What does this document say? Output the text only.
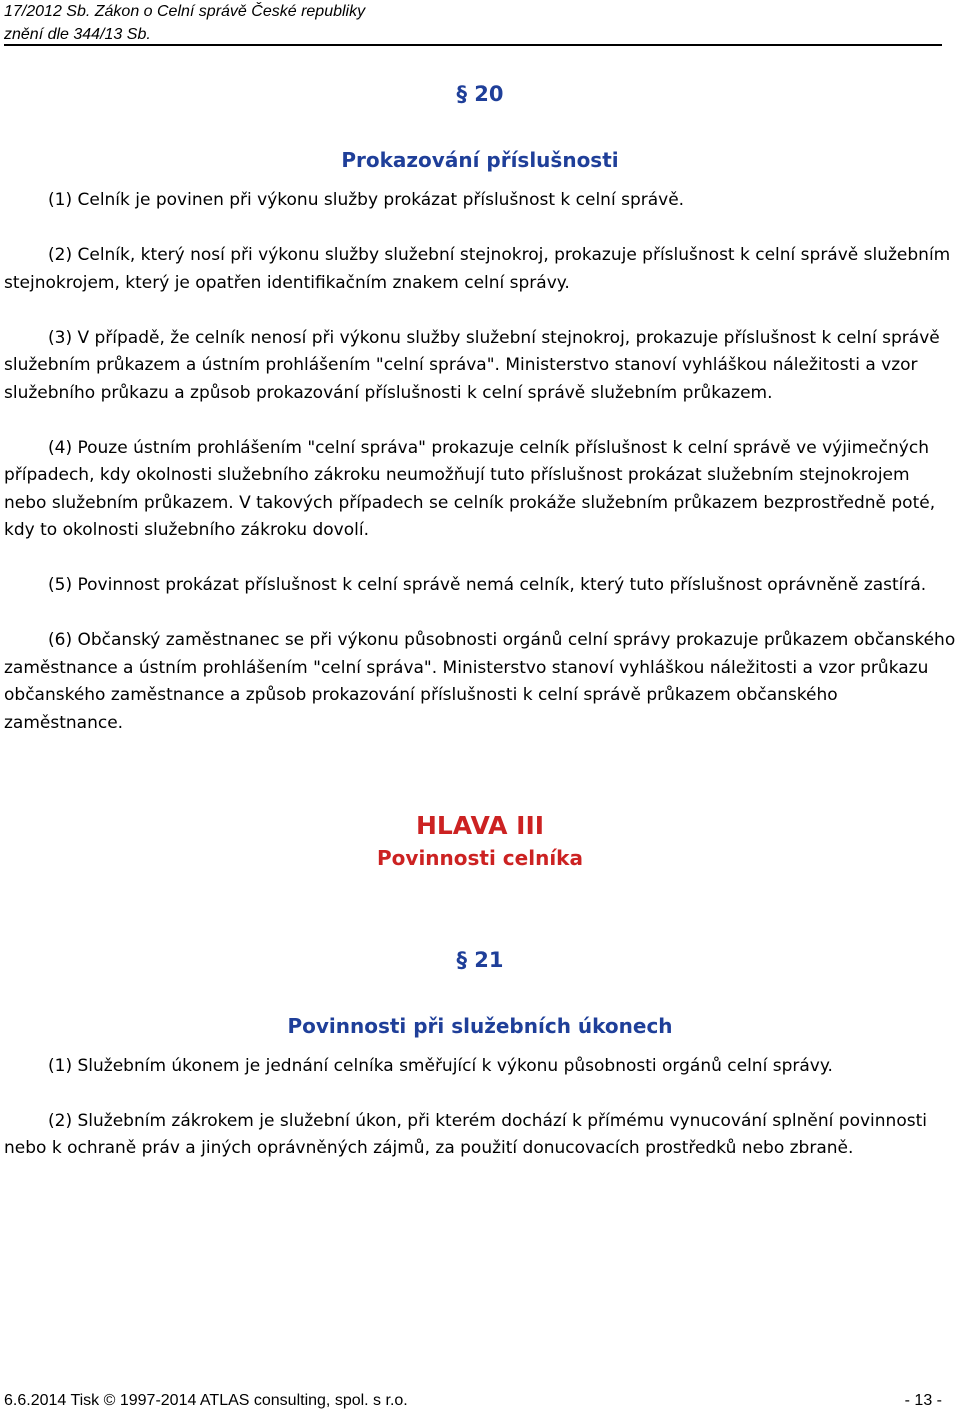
17/2012 Sb. Zákon o Celní správě České republiky
znění dle 344/13 Sb.
§ 20
Prokazování příslušnosti

(1) Celník je povinen při výkonu služby prokázat příslušnost k celní správě.

(2) Celník, který nosí při výkonu služby služební stejnokroj, prokazuje příslušnost k celní správě služebním stejnokrojem, který je opatřen identifikačním znakem celní správy.

(3) V případě, že celník nenosí při výkonu služby služební stejnokroj, prokazuje příslušnost k celní správě služebním průkazem a ústním prohlášením "celní správa". Ministerstvo stanoví vyhláškou náležitosti a vzor služebního průkazu a způsob prokazování příslušnosti k celní správě služebním průkazem.

(4) Pouze ústním prohlášením "celní správa" prokazuje celník příslušnost k celní správě ve výjimečných případech, kdy okolnosti služebního zákroku neumožňují tuto příslušnost prokázat služebním stejnokrojem nebo služebním průkazem. V takových případech se celník prokáže služebním průkazem bezprostředně poté, kdy to okolnosti služebního zákroku dovolí.

(5) Povinnost prokázat příslušnost k celní správě nemá celník, který tuto příslušnost oprávněně zastírá.

(6) Občanský zaměstnanec se při výkonu působnosti orgánů celní správy prokazuje průkazem občanského zaměstnance a ústním prohlášením "celní správa". Ministerstvo stanoví vyhláškou náležitosti a vzor průkazu občanského zaměstnance a způsob prokazování příslušnosti k celní správě průkazem občanského zaměstnance.

HLAVA III
Povinnosti celníka
§ 21
Povinnosti při služebních úkonech

(1) Služebním úkonem je jednání celníka směřující k výkonu působnosti orgánů celní správy.

(2) Služebním zákrokem je služební úkon, při kterém dochází k přímému vynucování splnění povinnosti nebo k ochraně práv a jiných oprávněných zájmů, za použití donucovacích prostředků nebo zbraně.

6.6.2014 Tisk © 1997-2014 ATLAS consulting, spol. s r.o.	- 13 -
